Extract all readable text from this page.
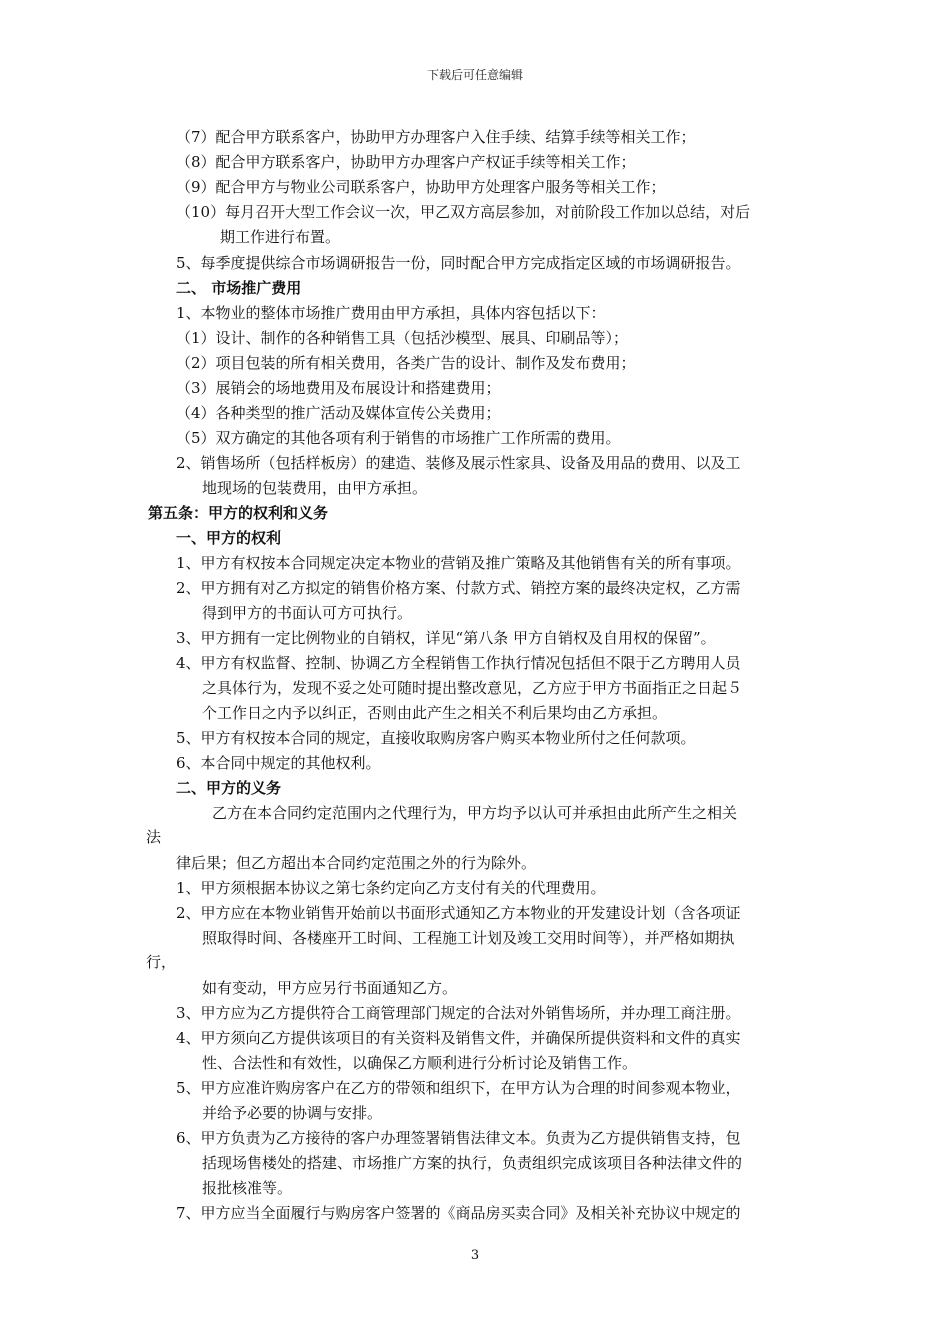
下载后可任意编辑
（7）配合甲方联系客户，协助甲方办理客户入住手续、结算手续等相关工作；
（8）配合甲方联系客户，协助甲方办理客户产权证手续等相关工作；
（9）配合甲方与物业公司联系客户，协助甲方处理客户服务等相关工作；
（10）每月召开大型工作会议一次，甲乙双方高层参加，对前阶段工作加以总结，对后
期工作进行布置。
5、每季度提供综合市场调研报告一份，同时配合甲方完成指定区域的市场调研报告。
二、 市场推广费用
1、本物业的整体市场推广费用由甲方承担，具体内容包括以下：
（1）设计、制作的各种销售工具（包括沙模型、展具、印刷品等）；
（2）项目包装的所有相关费用，各类广告的设计、制作及发布费用；
（3）展销会的场地费用及布展设计和搭建费用；
（4）各种类型的推广活动及媒体宣传公关费用；
（5）双方确定的其他各项有利于销售的市场推广工作所需的费用。
2、销售场所（包括样板房）的建造、装修及展示性家具、设备及用品的费用、以及工
地现场的包装费用，由甲方承担。
第五条：甲方的权利和义务
一、甲方的权利
1、甲方有权按本合同规定决定本物业的营销及推广策略及其他销售有关的所有事项。
2、甲方拥有对乙方拟定的销售价格方案、付款方式、销控方案的最终决定权，乙方需
得到甲方的书面认可方可执行。
3、甲方拥有一定比例物业的自销权，详见“第八条 甲方自销权及自用权的保留”。
4、甲方有权监督、控制、协调乙方全程销售工作执行情况包括但不限于乙方聘用人员
之具体行为，发现不妥之处可随时提出整改意见，乙方应于甲方书面指正之日起５
个工作日之内予以纠正，否则由此产生之相关不利后果均由乙方承担。
5、甲方有权按本合同的规定，直接收取购房客户购买本物业所付之任何款项。
6、本合同中规定的其他权利。
二、甲方的义务
乙方在本合同约定范围内之代理行为，甲方均予以认可并承担由此所产生之相关
法
律后果；但乙方超出本合同约定范围之外的行为除外。
1、甲方须根据本协议之第七条约定向乙方支付有关的代理费用。
2、甲方应在本物业销售开始前以书面形式通知乙方本物业的开发建设计划（含各项证
照取得时间、各楼座开工时间、工程施工计划及竣工交用时间等），并严格如期执
行，
如有变动，甲方应另行书面通知乙方。
3、甲方应为乙方提供符合工商管理部门规定的合法对外销售场所，并办理工商注册。
4、甲方须向乙方提供该项目的有关资料及销售文件，并确保所提供资料和文件的真实
性、合法性和有效性，以确保乙方顺利进行分析讨论及销售工作。
5、甲方应准许购房客户在乙方的带领和组织下，在甲方认为合理的时间参观本物业，
并给予必要的协调与安排。
6、甲方负责为乙方接待的客户办理签署销售法律文本。负责为乙方提供销售支持，包
括现场售楼处的搭建、市场推广方案的执行，负责组织完成该项目各种法律文件的
报批核准等。
7、甲方应当全面履行与购房客户签署的《商品房买卖合同》及相关补充协议中规定的
3
